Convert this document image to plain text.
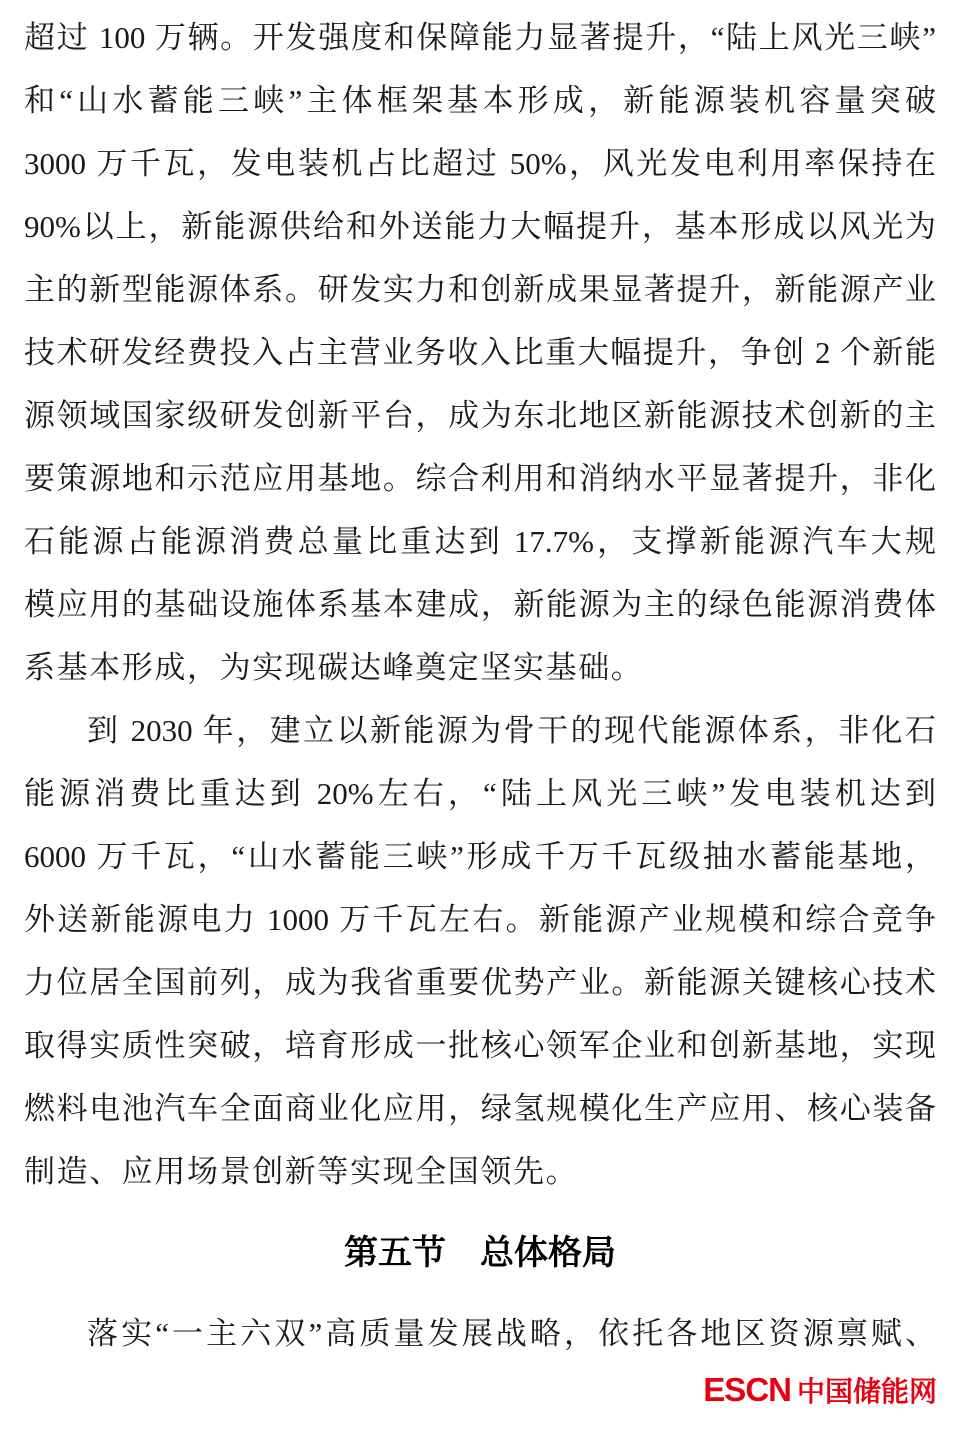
超过 100 万辆。开发强度和保障能力显著提升，“陆上风光三峡”
和“山水蓄能三峡”主体框架基本形成，新能源装机容量突破
3000 万千瓦，发电装机占比超过 50%，风光发电利用率保持在
90%以上，新能源供给和外送能力大幅提升，基本形成以风光为
主的新型能源体系。研发实力和创新成果显著提升，新能源产业
技术研发经费投入占主营业务收入比重大幅提升，争创 2 个新能
源领域国家级研发创新平台，成为东北地区新能源技术创新的主
要策源地和示范应用基地。综合利用和消纳水平显著提升，非化
石能源占能源消费总量比重达到 17.7%，支撑新能源汽车大规
模应用的基础设施体系基本建成，新能源为主的绿色能源消费体
系基本形成，为实现碳达峰奠定坚实基础。
到 2030 年，建立以新能源为骨干的现代能源体系，非化石
能源消费比重达到 20%左右，“陆上风光三峡”发电装机达到
6000 万千瓦，“山水蓄能三峡”形成千万千瓦级抽水蓄能基地，
外送新能源电力 1000 万千瓦左右。新能源产业规模和综合竞争
力位居全国前列，成为我省重要优势产业。新能源关键核心技术
取得实质性突破，培育形成一批核心领军企业和创新基地，实现
燃料电池汽车全面商业化应用，绿氢规模化生产应用、核心装备
制造、应用场景创新等实现全国领先。
第五节　总体格局
落实“一主六双”高质量发展战略，依托各地区资源禀赋、
ESCN 中国储能网
